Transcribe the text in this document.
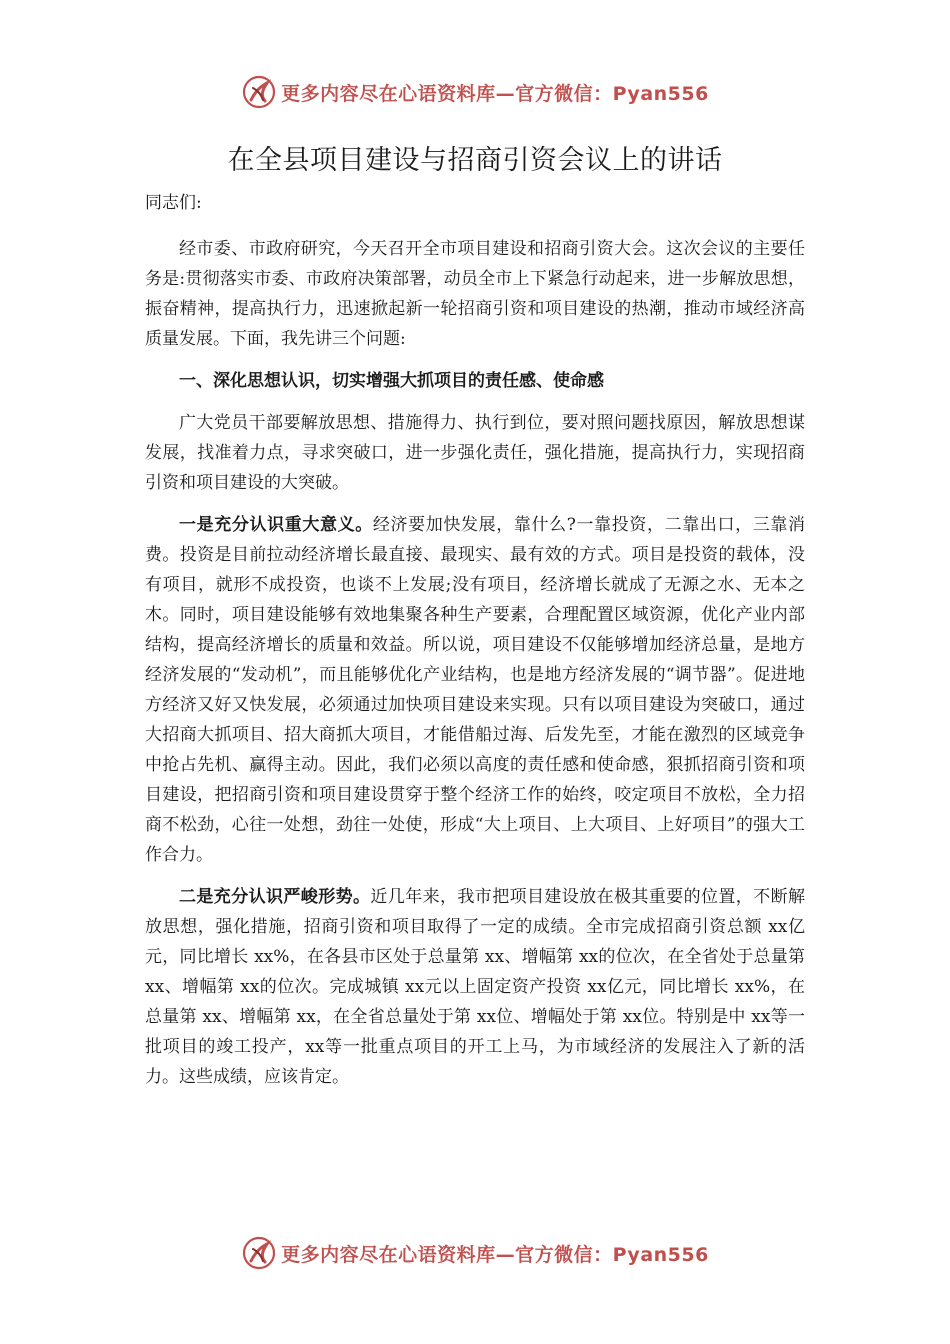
更多内容尽在心语资料库—官方微信：Pyan556
在全县项目建设与招商引资会议上的讲话

同志们:

经市委、市政府研究，今天召开全市项目建设和招商引资大会。这次会议的主要任务是:贯彻落实市委、市政府决策部署，动员全市上下紧急行动起来，进一步解放思想，振奋精神，提高执行力，迅速掀起新一轮招商引资和项目建设的热潮，推动市域经济高质量发展。下面，我先讲三个问题:

一、深化思想认识，切实增强大抓项目的责任感、使命感

广大党员干部要解放思想、措施得力、执行到位，要对照问题找原因，解放思想谋发展，找准着力点，寻求突破口，进一步强化责任，强化措施，提高执行力，实现招商引资和项目建设的大突破。

一是充分认识重大意义。经济要加快发展，靠什么?一靠投资，二靠出口，三靠消费。投资是目前拉动经济增长最直接、最现实、最有效的方式。项目是投资的载体，没有项目，就形不成投资，也谈不上发展;没有项目，经济增长就成了无源之水、无本之木。同时，项目建设能够有效地集聚各种生产要素，合理配置区域资源，优化产业内部结构，提高经济增长的质量和效益。所以说，项目建设不仅能够增加经济总量，是地方经济发展的“发动机”，而且能够优化产业结构，也是地方经济发展的“调节器”。促进地方经济又好又快发展，必须通过加快项目建设来实现。只有以项目建设为突破口，通过大招商大抓项目、招大商抓大项目，才能借船过海、后发先至，才能在激烈的区域竞争中抢占先机、赢得主动。因此，我们必须以高度的责任感和使命感，狠抓招商引资和项目建设，把招商引资和项目建设贯穿于整个经济工作的始终，咬定项目不放松，全力招商不松劲，心往一处想，劲往一处使，形成“大上项目、上大项目、上好项目”的强大工作合力。

二是充分认识严峻形势。近几年来，我市把项目建设放在极其重要的位置，不断解放思想，强化措施，招商引资和项目取得了一定的成绩。全市完成招商引资总额 xx亿元，同比增长 xx%，在各县市区处于总量第 xx、增幅第 xx的位次，在全省处于总量第 xx、增幅第 xx的位次。完成城镇 xx元以上固定资产投资 xx亿元，同比增长 xx%，在总量第 xx、增幅第 xx，在全省总量处于第 xx位、增幅处于第 xx位。特别是中 xx等一批项目的竣工投产，xx等一批重点项目的开工上马，为市域经济的发展注入了新的活力。这些成绩，应该肯定。

更多内容尽在心语资料库—官方微信：Pyan556
